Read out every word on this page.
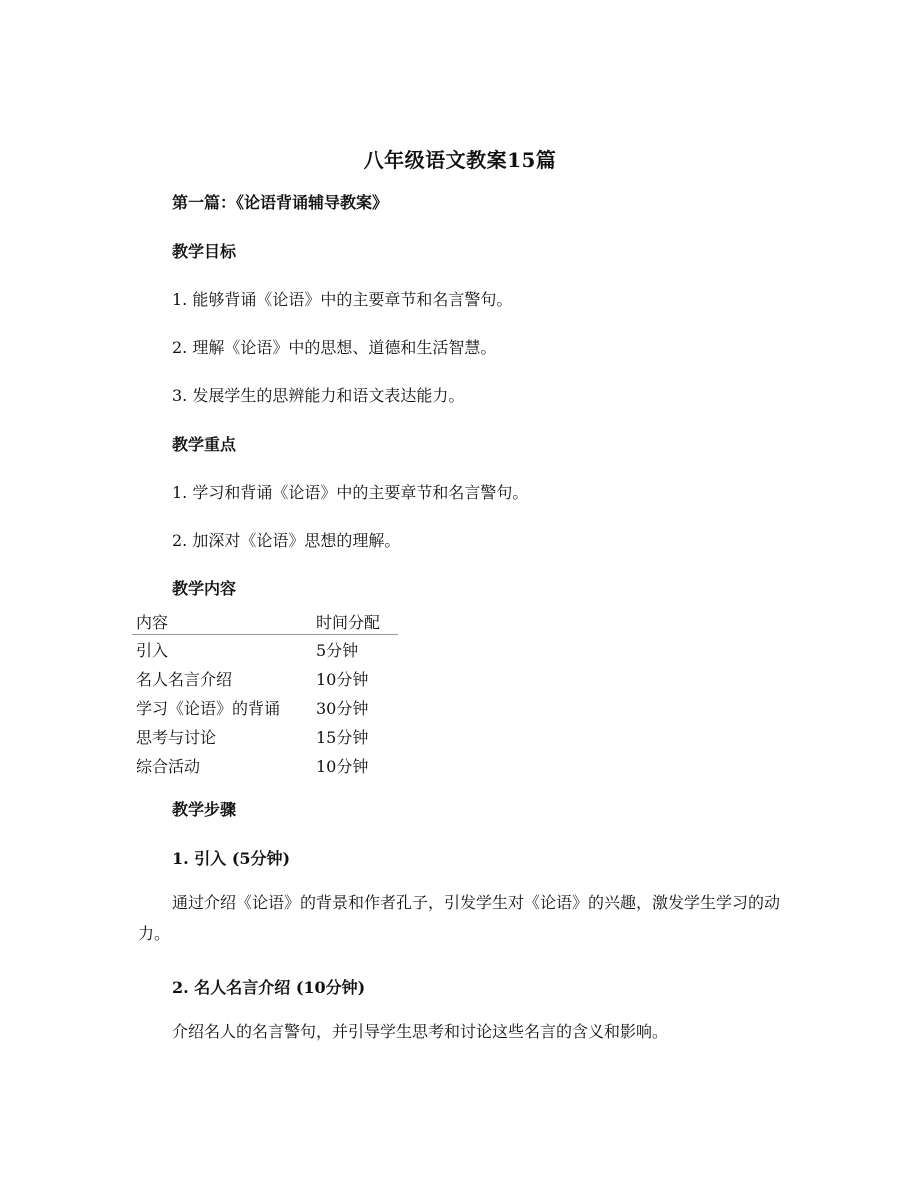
八年级语文教案15篇
第一篇：《论语背诵辅导教案》
教学目标
1. 能够背诵《论语》中的主要章节和名言警句。
2. 理解《论语》中的思想、道德和生活智慧。
3. 发展学生的思辨能力和语文表达能力。
教学重点
1. 学习和背诵《论语》中的主要章节和名言警句。
2. 加深对《论语》思想的理解。
教学内容
内容	时间分配
引入	5分钟
名人名言介绍	10分钟
学习《论语》的背诵	30分钟
思考与讨论	15分钟
综合活动	10分钟
教学步骤
1. 引入 (5分钟)
通过介绍《论语》的背景和作者孔子，引发学生对《论语》的兴趣，激发学生学习的动力。
2. 名人名言介绍 (10分钟)
介绍名人的名言警句，并引导学生思考和讨论这些名言的含义和影响。
